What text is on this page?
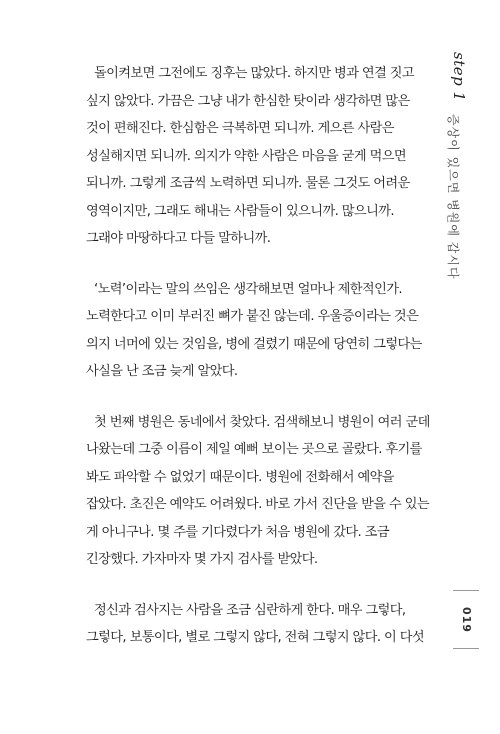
돌이켜보면 그전에도 징후는 많았다. 하지만 병과 연결 짓고
싶지 않았다. 가끔은 그냥 내가 한심한 탓이라 생각하면 많은
것이 편해진다. 한심함은 극복하면 되니까. 게으른 사람은
성실해지면 되니까. 의지가 약한 사람은 마음을 굳게 먹으면
되니까. 그렇게 조금씩 노력하면 되니까. 물론 그것도 어려운
영역이지만, 그래도 해내는 사람들이 있으니까. 많으니까.
그래야 마땅하다고 다들 말하니까.
‘노력’이라는 말의 쓰임은 생각해보면 얼마나 제한적인가.
노력한다고 이미 부러진 뼈가 붙진 않는데. 우울증이라는 것은
의지 너머에 있는 것임을, 병에 걸렸기 때문에 당연히 그렇다는
사실을 난 조금 늦게 알았다.
첫 번째 병원은 동네에서 찾았다. 검색해보니 병원이 여러 군데
나왔는데 그중 이름이 제일 예뻐 보이는 곳으로 골랐다. 후기를
봐도 파악할 수 없었기 때문이다. 병원에 전화해서 예약을
잡았다. 초진은 예약도 어려웠다. 바로 가서 진단을 받을 수 있는
게 아니구나. 몇 주를 기다렸다가 처음 병원에 갔다. 조금
긴장했다. 가자마자 몇 가지 검사를 받았다.
정신과 검사지는 사람을 조금 심란하게 한다. 매우 그렇다,
그렇다, 보통이다, 별로 그렇지 않다, 전혀 그렇지 않다. 이 다섯
step 1
증상이 있으면 병원에 갑시다
019
